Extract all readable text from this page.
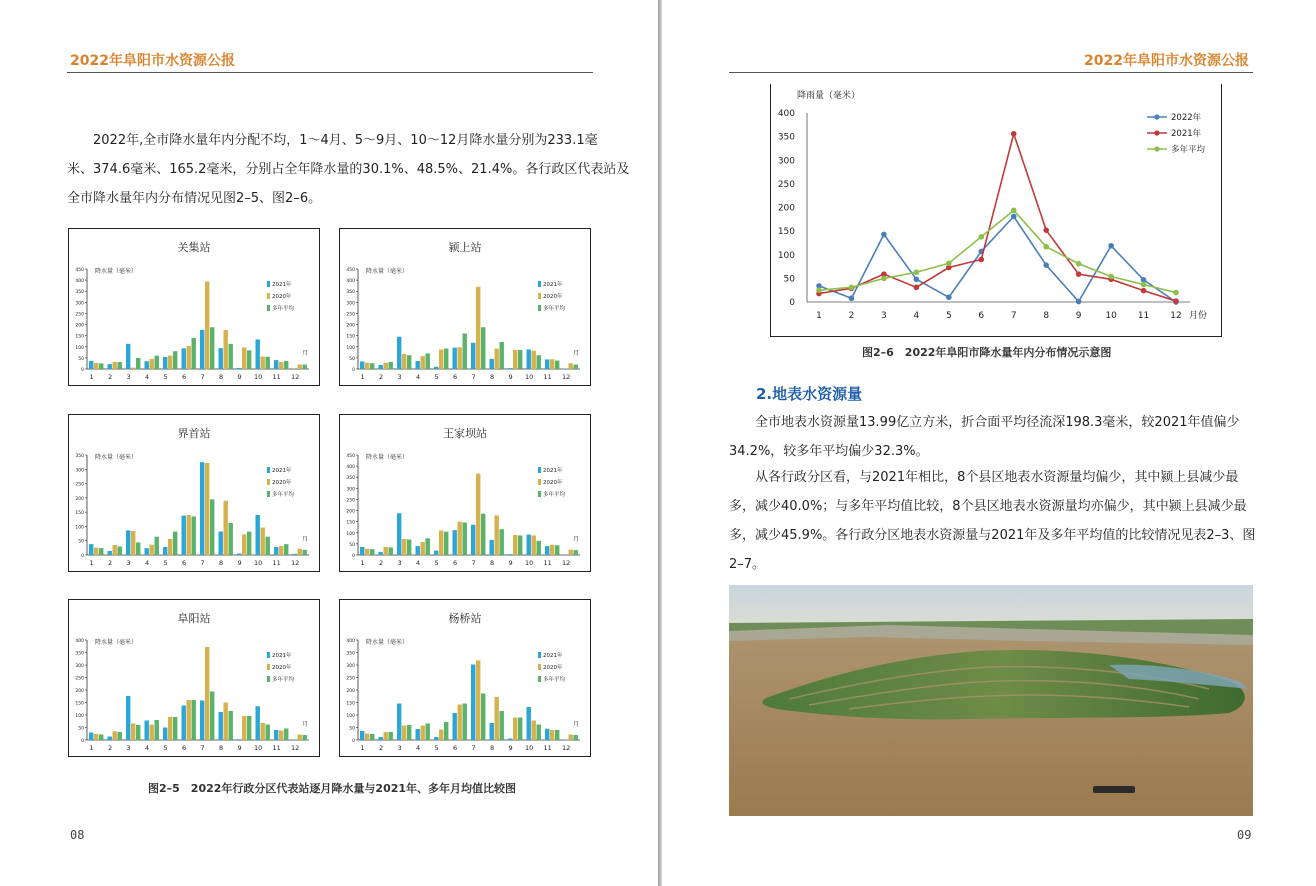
2022年阜阳市水资源公报
2022年,全市降水量年内分配不均，1～4月、5～9月、10～12月降水量分别为233.1毫
米、374.6毫米、165.2毫米，分别占全年降水量的30.1%、48.5%、21.4%。各行政区代表站及
全市降水量年内分布情况见图2–5、图2–6。
关集站
0
50
100
150
200
250
300
350
400
450 降水量（毫米）
1 2 3 4 5 6 7 8 9 10 11 12
月
2021年
2020年
多年平均
颍上站
0
50
100
150
200
250
300
350
400
450 降水量（毫米）
1 2 3 4 5 6 7 8 9 10 11 12
月
2021年
2020年
多年平均
界首站
0
50
100
150
200
250
300
350 降水量（毫米）
1 2 3 4 5 6 7 8 9 10 11 12
月
2021年
2020年
多年平均
王家坝站
0
50
100
150
200
250
300
350
400
450 降水量（毫米）
1 2 3 4 5 6 7 8 9 10 11 12
月
2021年
2020年
多年平均
阜阳站
0
50
100
150
200
250
300
350
400 降水量（毫米）
1 2 3 4 5 6 7 8 9 10 11 12
月
2021年
2020年
多年平均
杨桥站
0
50
100
150
200
250
300
350
400 降水量（毫米）
1 2 3 4 5 6 7 8 9 10 11 12
月
2021年
2020年
多年平均
图2–5　2022年行政分区代表站逐月降水量与2021年、多年月均值比较图
08
2022年阜阳市水资源公报
0
50
100
150
200
250
300
350
400
降雨量（毫米）
1	2	3	4	5	6	7	8	9	10 11 12 月份
2022年
2021年
多年平均
图2–6　2022年阜阳市降水量年内分布情况示意图
2.地表水资源量
全市地表水资源量13.99亿立方米，折合面平均径流深198.3毫米，较2021年值偏少
34.2%，较多年平均偏少32.3%。
从各行政分区看，与2021年相比，8个县区地表水资源量均偏少，其中颍上县减少最
多，减少40.0%；与多年平均值比较，8个县区地表水资源量均亦偏少，其中颍上县减少最
多，减少45.9%。各行政分区地表水资源量与2021年及多年平均值的比较情况见表2–3、图
2–7。
09
